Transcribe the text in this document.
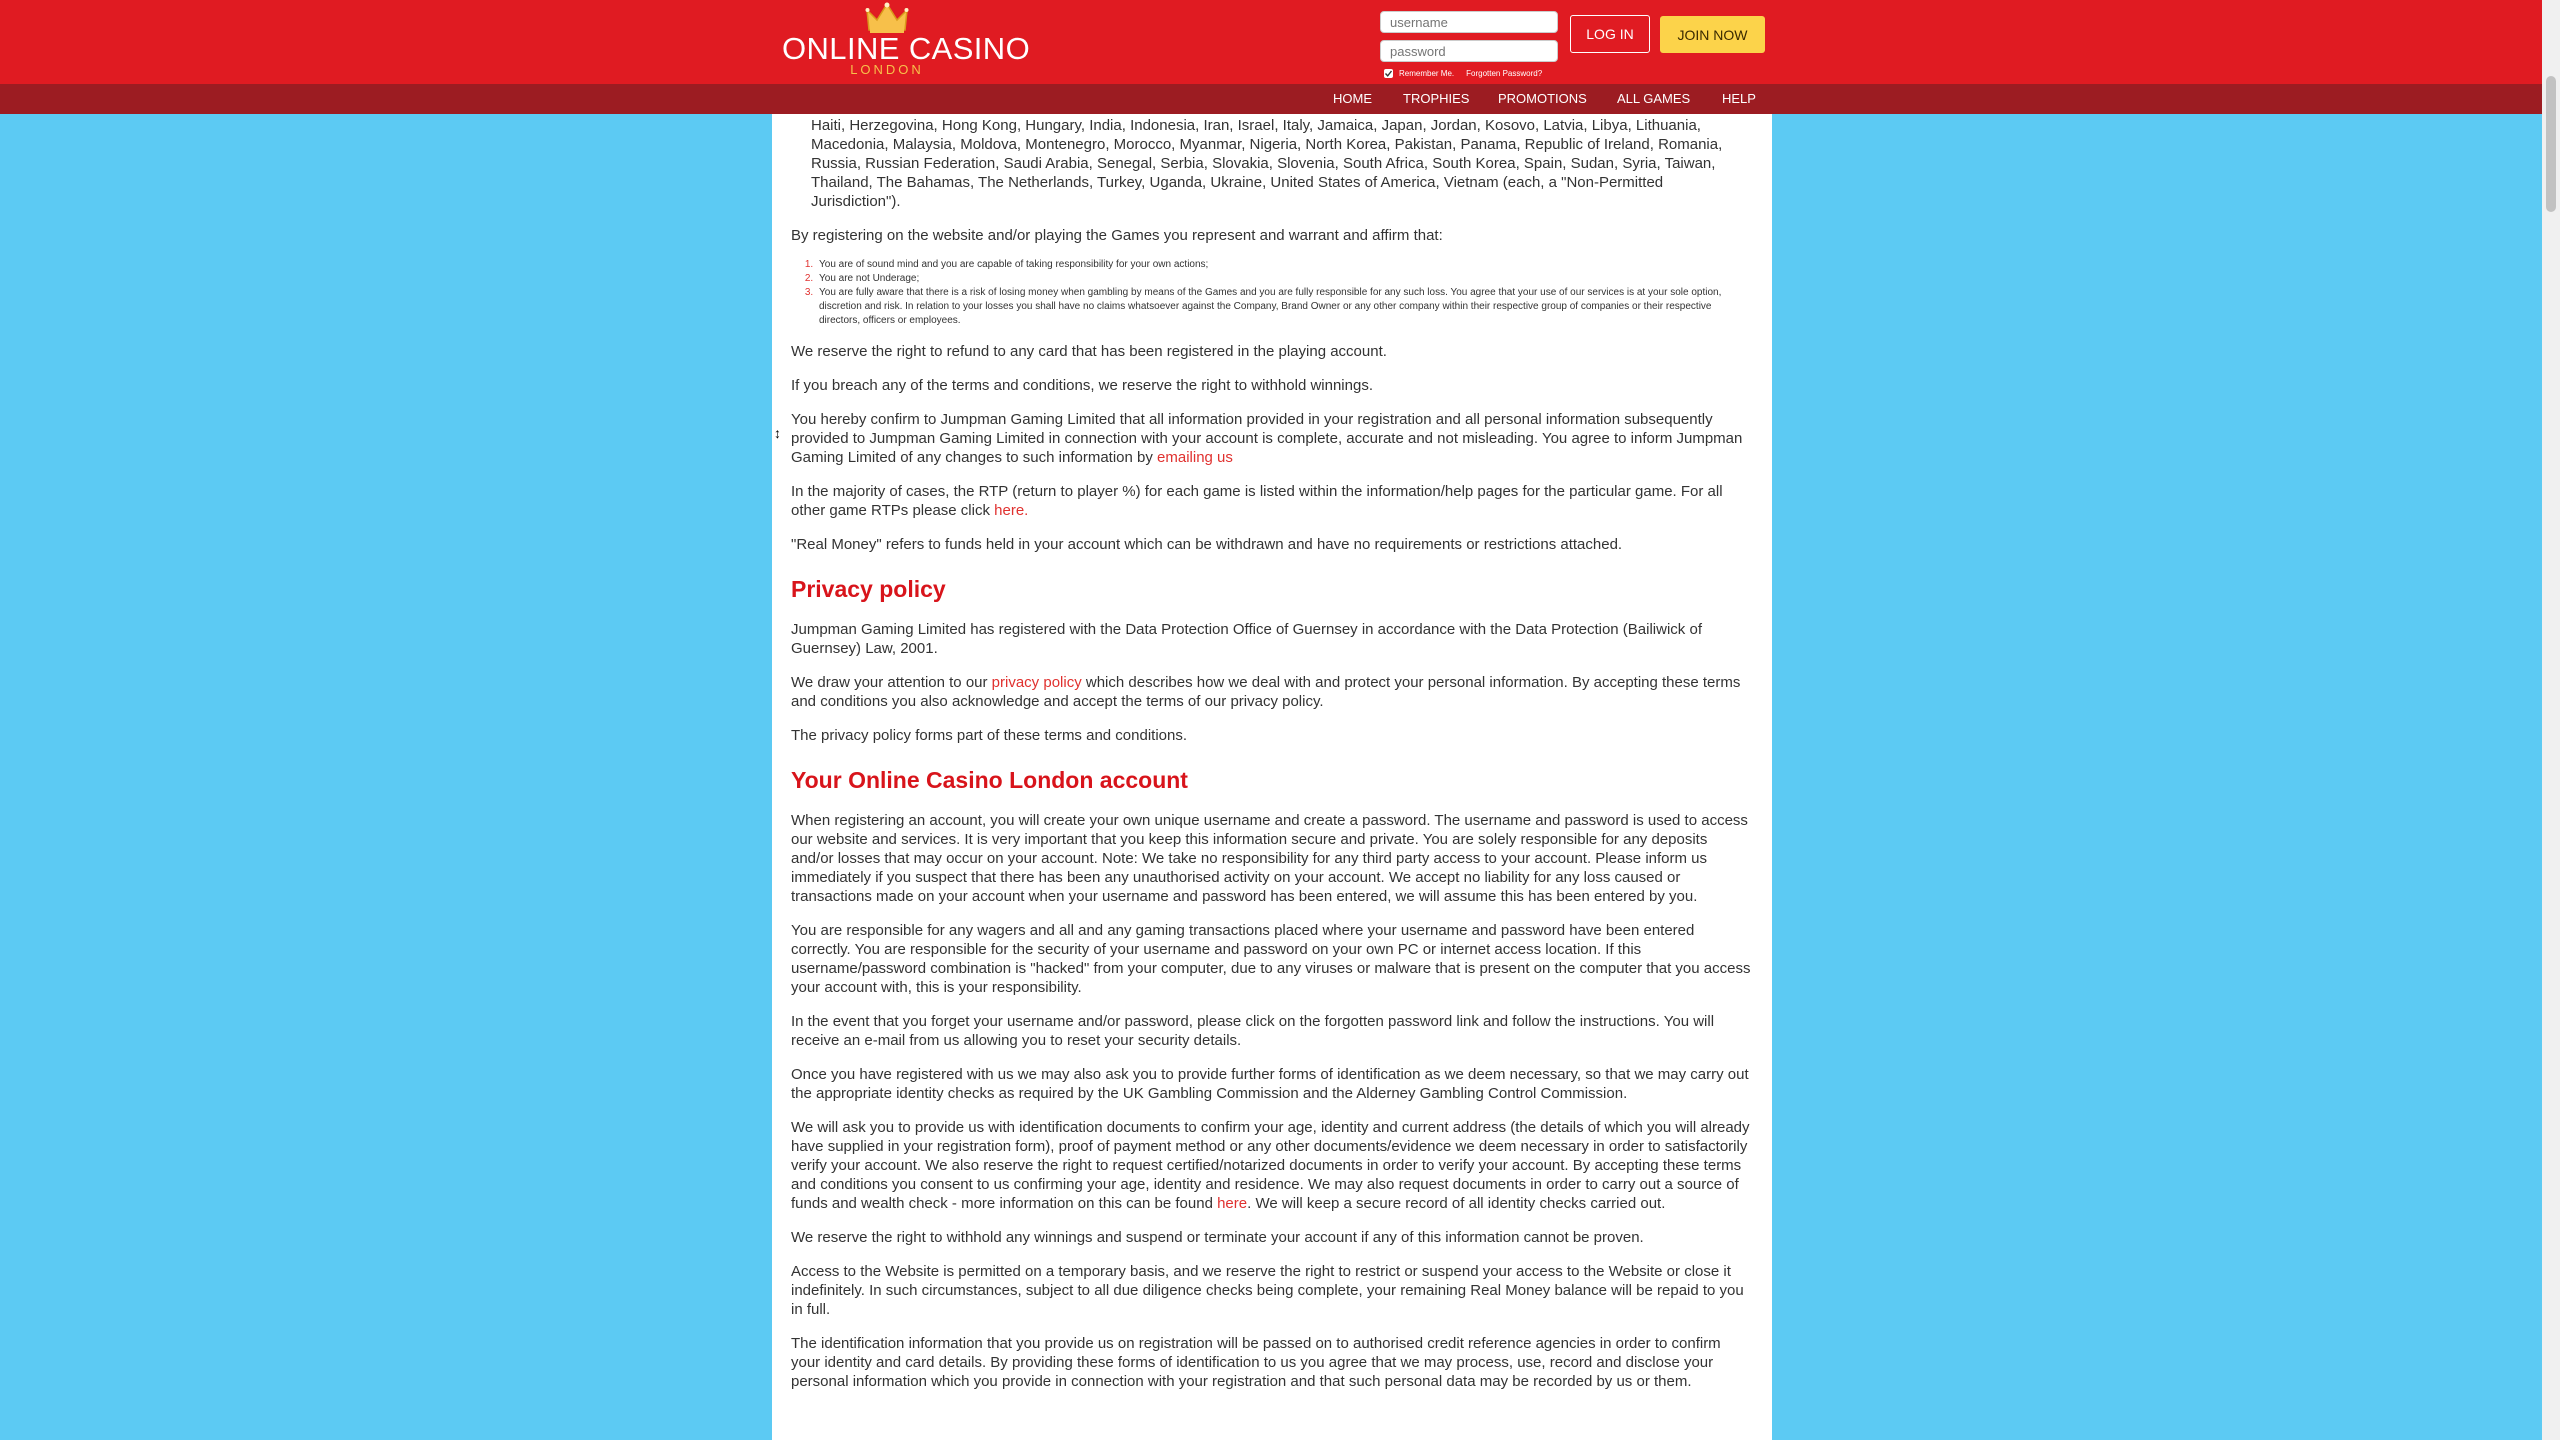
ONLINE CASINO
LONDON
username	Remember Me. Forgotten Password?
LOG IN	JOIN NOW
HOME TROPHIES PROMOTIONS ALL GAMES HELP

Haiti, Herzegovina, Hong Kong, Hungary, India, Indonesia, Iran, Israel, Italy, Jamaica, Japan, Jordan, Kosovo, Latvia, Libya, Lithuania, Macedonia, Malaysia, Moldova, Montenegro, Morocco, Myanmar, Nigeria, North Korea, Pakistan, Panama, Republic of Ireland, Romania, Russia, Russian Federation, Saudi Arabia, Senegal, Serbia, Slovakia, Slovenia, South Africa, South Korea, Spain, Sudan, Syria, Taiwan, Thailand, The Bahamas, The Netherlands, Turkey, Uganda, Ukraine, United States of America, Vietnam (each, a "Non-Permitted Jurisdiction").

By registering on the website and/or playing the Games you represent and warrant and affirm that:

1. You are of sound mind and you are capable of taking responsibility for your own actions;
2. You are not Underage;
3. You are fully aware that there is a risk of losing money when gambling by means of the Games and you are fully responsible for any such loss. You agree that your use of our services is at your sole option, discretion and risk. In relation to your losses you shall have no claims whatsoever against the Company, Brand Owner or any other company within their respective group of companies or their respective directors, officers or employees.

We reserve the right to refund to any card that has been registered in the playing account.

If you breach any of the terms and conditions, we reserve the right to withhold winnings.

You hereby confirm to Jumpman Gaming Limited that all information provided in your registration and all personal information subsequently provided to Jumpman Gaming Limited in connection with your account is complete, accurate and not misleading. You agree to inform Jumpman Gaming Limited of any changes to such information by emailing us

In the majority of cases, the RTP (return to player %) for each game is listed within the information/help pages for the particular game. For all other game RTPs please click here.

"Real Money" refers to funds held in your account which can be withdrawn and have no requirements or restrictions attached.

Privacy policy

Jumpman Gaming Limited has registered with the Data Protection Office of Guernsey in accordance with the Data Protection (Bailiwick of Guernsey) Law, 2001.

We draw your attention to our privacy policy which describes how we deal with and protect your personal information. By accepting these terms and conditions you also acknowledge and accept the terms of our privacy policy.

The privacy policy forms part of these terms and conditions.

Your Online Casino London account

When registering an account, you will create your own unique username and create a password. The username and password is used to access our website and services. It is very important that you keep this information secure and private. You are solely responsible for any deposits and/or losses that may occur on your account. Note: We take no responsibility for any third party access to your account. Please inform us immediately if you suspect that there has been any unauthorised activity on your account. We accept no liability for any loss caused or transactions made on your account when your username and password has been entered, we will assume this has been entered by you.

You are responsible for any wagers and all and any gaming transactions placed where your username and password have been entered correctly. You are responsible for the security of your username and password on your own PC or internet access location. If this username/password combination is "hacked" from your computer, due to any viruses or malware that is present on the computer that you access your account with, this is your responsibility.

In the event that you forget your username and/or password, please click on the forgotten password link and follow the instructions. You will receive an e-mail from us allowing you to reset your security details.

Once you have registered with us we may also ask you to provide further forms of identification as we deem necessary, so that we may carry out the appropriate identity checks as required by the UK Gambling Commission and the Alderney Gambling Control Commission.

We will ask you to provide us with identification documents to confirm your age, identity and current address (the details of which you will already have supplied in your registration form), proof of payment method or any other documents/evidence we deem necessary in order to satisfactorily verify your account. We also reserve the right to request certified/notarized documents in order to verify your account. By accepting these terms and conditions you consent to us confirming your age, identity and residence. We may also request documents in order to carry out a source of funds and wealth check - more information on this can be found here. We will keep a secure record of all identity checks carried out.

We reserve the right to withhold any winnings and suspend or terminate your account if any of this information cannot be proven.

Access to the Website is permitted on a temporary basis, and we reserve the right to restrict or suspend your access to the Website or close it indefinitely. In such circumstances, subject to all due diligence checks being complete, your remaining Real Money balance will be repaid to you in full.

The identification information that you provide us on registration will be passed on to authorised credit reference agencies in order to confirm your identity and card details. By providing these forms of identification to us you agree that we may process, use, record and disclose your personal information which you provide in connection with your registration and that such personal data may be recorded by us or them.

↕
